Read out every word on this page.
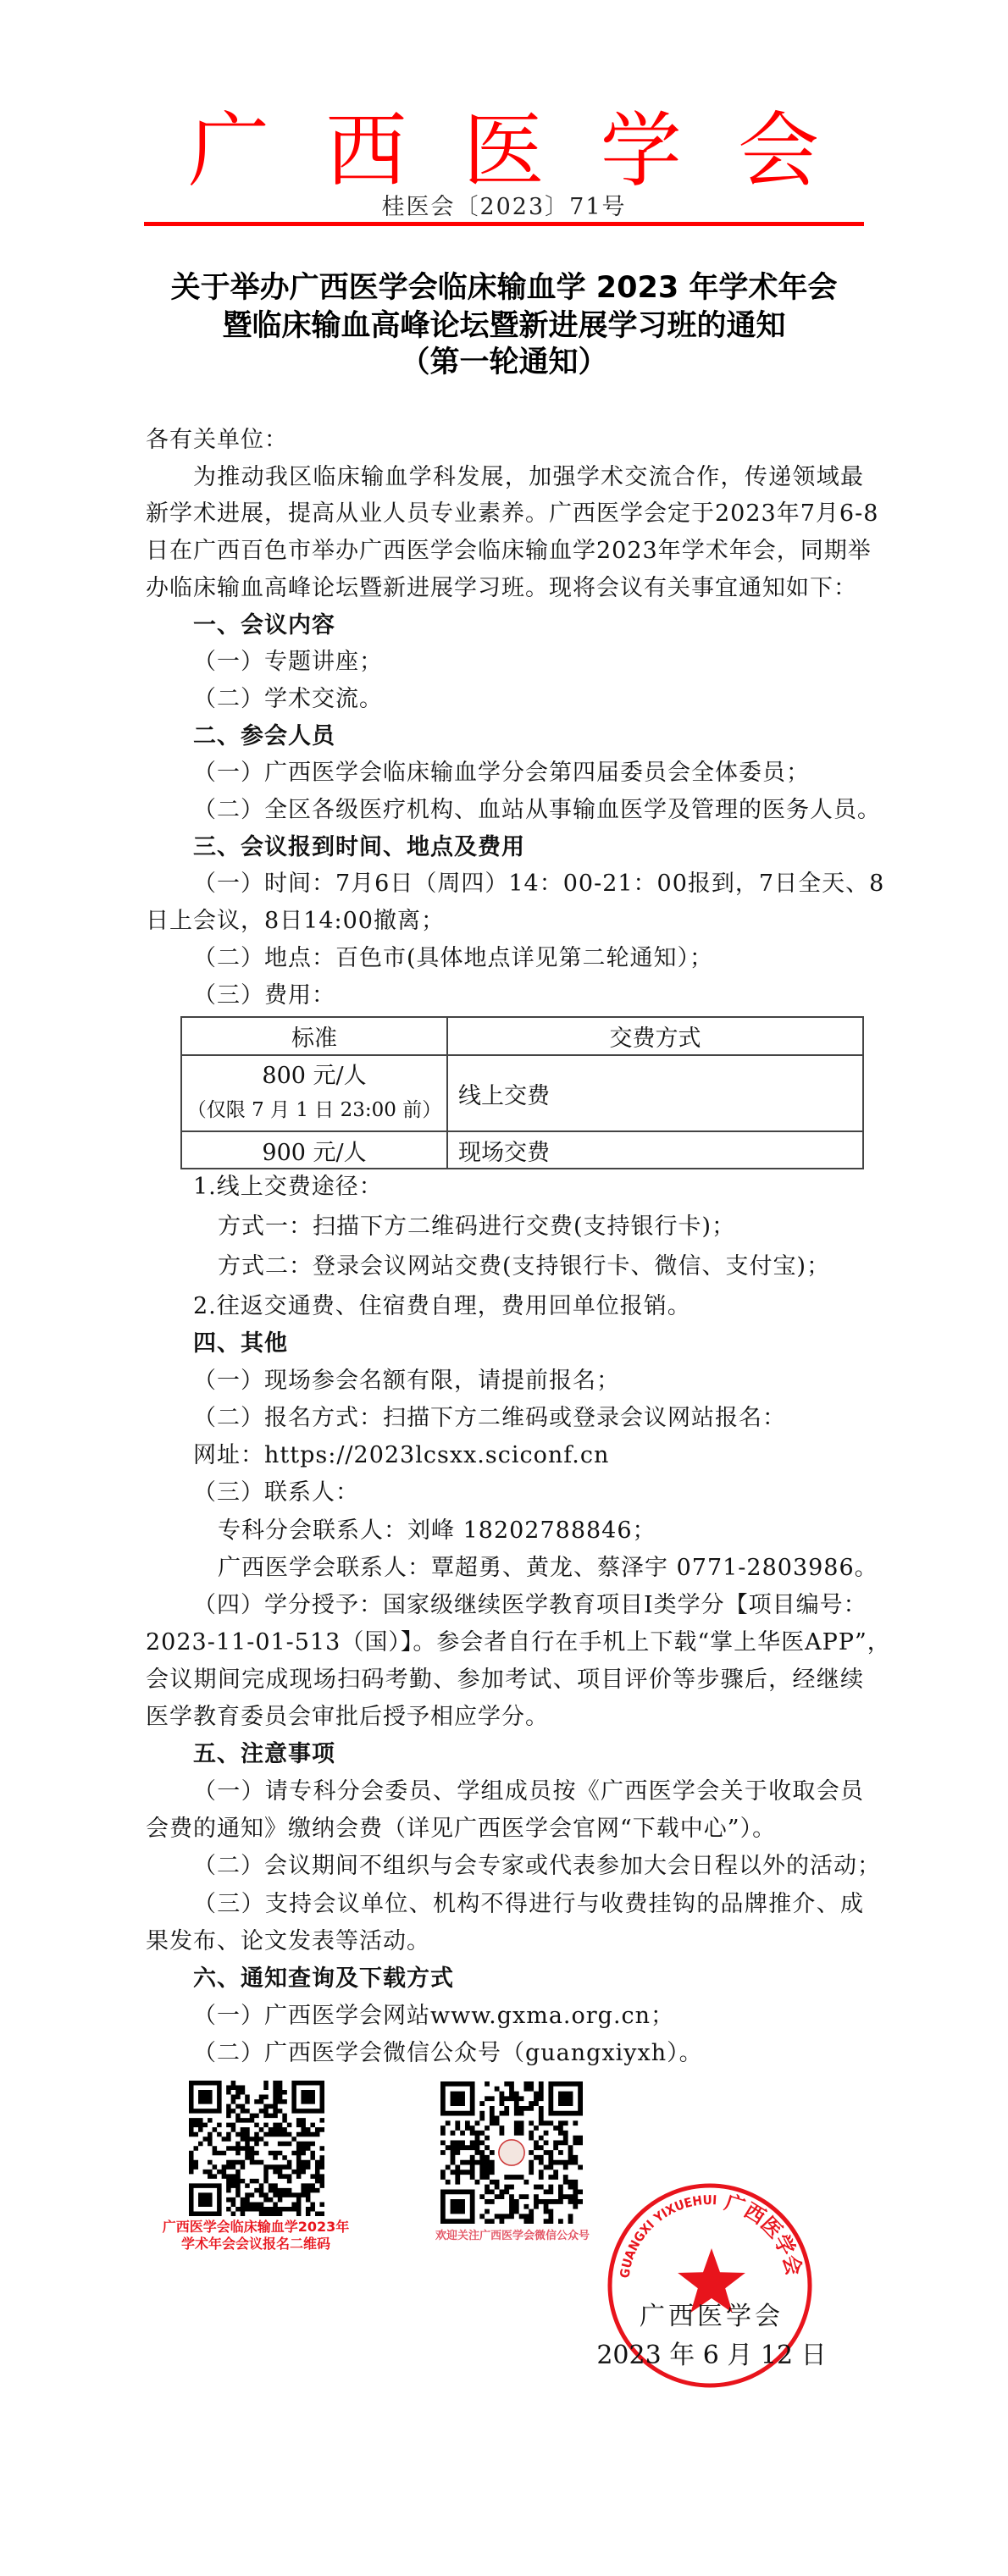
广 西 医 学 会
桂医会〔2023〕71号
关于举办广西医学会临床输血学 2023 年学术年会
暨临床输血高峰论坛暨新进展学习班的通知
（第一轮通知）
各有关单位：
为推动我区临床输血学科发展，加强学术交流合作，传递领域最
新学术进展，提高从业人员专业素养。广西医学会定于2023年7月6-8
日在广西百色市举办广西医学会临床输血学2023年学术年会，同期举
办临床输血高峰论坛暨新进展学习班。现将会议有关事宜通知如下：
一、会议内容
（一）专题讲座；
（二）学术交流。
二、参会人员
（一）广西医学会临床输血学分会第四届委员会全体委员；
（二）全区各级医疗机构、血站从事输血医学及管理的医务人员。
三、会议报到时间、地点及费用
（一）时间：7月6日（周四）14：00-21：00报到，7日全天、8
日上会议，8日14:00撤离；
（二）地点：百色市(具体地点详见第二轮通知）；
（三）费用：
标准	交费方式

800 元/人
（仅限 7 月 1 日 23:00 前）	线上交费
900 元/人	现场交费
1.线上交费途径：
方式一：扫描下方二维码进行交费(支持银行卡)；
方式二：登录会议网站交费(支持银行卡、微信、支付宝)；
2.往返交通费、住宿费自理，费用回单位报销。
四、其他
（一）现场参会名额有限，请提前报名；
（二）报名方式：扫描下方二维码或登录会议网站报名：
网址：https://2023lcsxx.sciconf.cn
（三）联系人：
专科分会联系人：刘峰 18202788846；
广西医学会联系人：覃超勇、黄龙、蔡泽宇 0771-2803986。
（四）学分授予：国家级继续医学教育项目Ⅰ类学分【项目编号：
2023-11-01-513（国）】。参会者自行在手机上下载“掌上华医APP”，
会议期间完成现场扫码考勤、参加考试、项目评价等步骤后，经继续
医学教育委员会审批后授予相应学分。
五、注意事项
（一）请专科分会委员、学组成员按《广西医学会关于收取会员
会费的通知》缴纳会费（详见广西医学会官网“下载中心”）。
（二）会议期间不组织与会专家或代表参加大会日程以外的活动；
（三）支持会议单位、机构不得进行与收费挂钩的品牌推介、成
果发布、论文发表等活动。
六、通知查询及下载方式
（一）广西医学会网站www.gxma.org.cn；
（二）广西医学会微信公众号（guangxiyxh）。
广西医学会临床输血学2023年
学术年会会议报名二维码	欢迎关注广西医学会微信公众号
GUANGXI YIXUEHUI 广西医学会
广西医学会
2023 年 6 月 12 日
